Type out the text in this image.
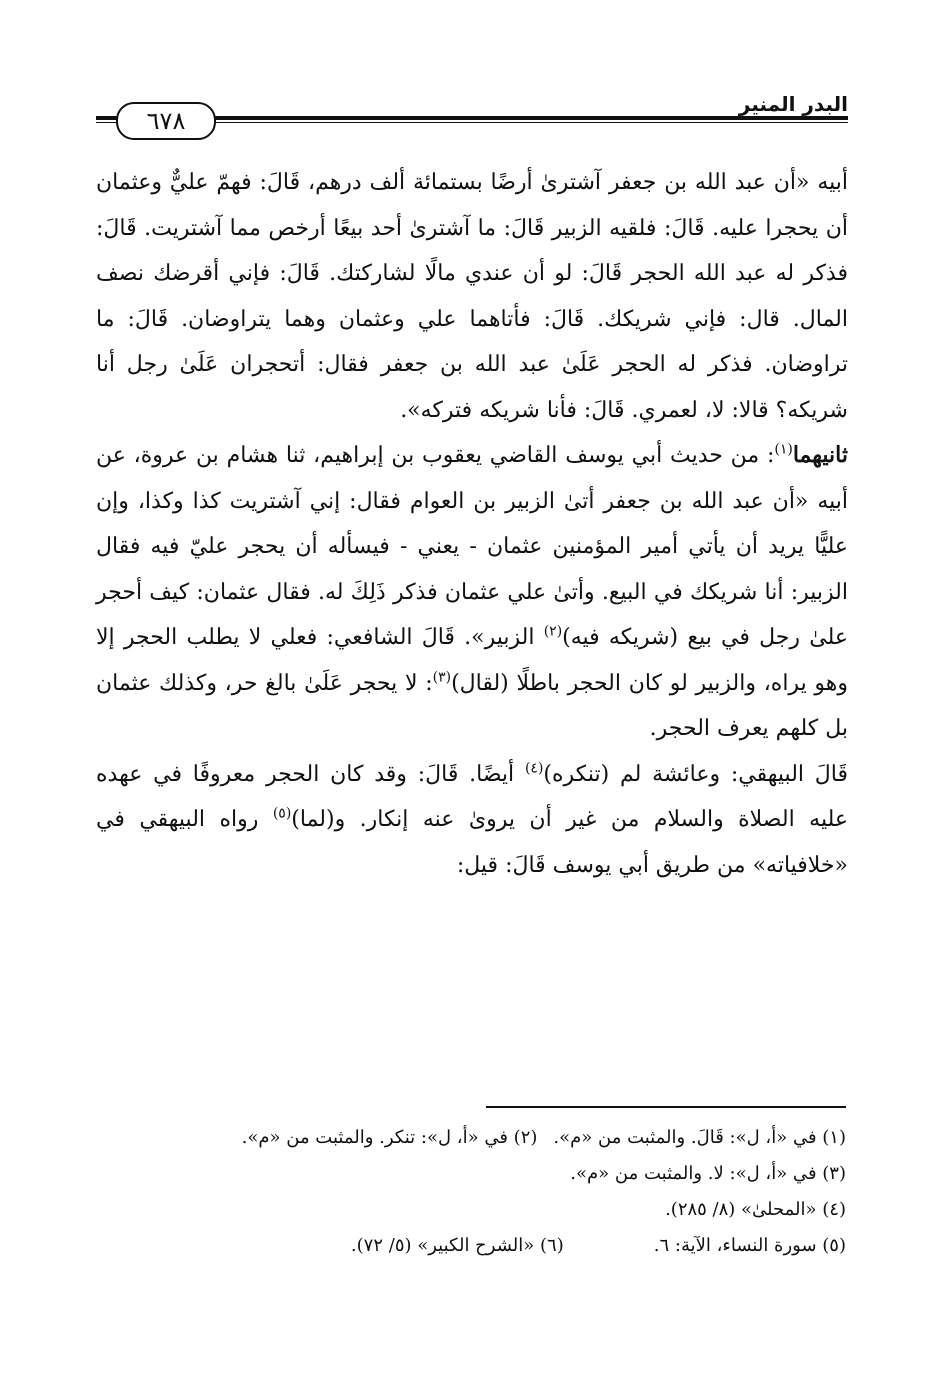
البدر المنير
٦٧٨

أبيه «أن عبد الله بن جعفر آشترىٰ أرضًا بستمائة ألف درهم، قَالَ: فهمّ عليٌّ وعثمان أن يحجرا عليه. قَالَ: فلقيه الزبير قَالَ: ما آشترىٰ أحد بيعًا أرخص مما آشتريت. قَالَ: فذكر له عبد الله الحجر قَالَ: لو أن عندي مالًا لشاركتك. قَالَ: فإني أقرضك نصف المال. قال: فإني شريكك. قَالَ: فأتاهما علي وعثمان وهما يتراوضان. قَالَ: ما تراوضان. فذكر له الحجر عَلَىٰ عبد الله بن جعفر فقال: أتحجران عَلَىٰ رجل أنا شريكه؟ قالا: لا، لعمري. قَالَ: فأنا شريكه فتركه».

ثانيهما$^{(١)}$: من حديث أبي يوسف القاضي يعقوب بن إبراهيم، ثنا هشام بن عروة، عن أبيه «أن عبد الله بن جعفر أتىٰ الزبير بن العوام فقال: إني آشتريت كذا وكذا، وإن عليًّا يريد أن يأتي أمير المؤمنين عثمان - يعني - فيسأله أن يحجر عليّ فيه فقال الزبير: أنا شريكك في البيع. وأتىٰ علي عثمان فذكر ذَلِكَ له. فقال عثمان: كيف أحجر علىٰ رجل في بيع (شريكه فيه)$^{(٢)}$ الزبير». قَالَ الشافعي: فعلي لا يطلب الحجر إلا وهو يراه، والزبير لو كان الحجر باطلًا (لقال)$^{(٣)}$: لا يحجر عَلَىٰ بالغ حر، وكذلك عثمان بل كلهم يعرف الحجر.

قَالَ البيهقي: وعائشة لم (تنكره)$^{(٤)}$ أيضًا. قَالَ: وقد كان الحجر معروفًا في عهده عليه الصلاة والسلام من غير أن يروىٰ عنه إنكار. و(لما)$^{(٥)}$ رواه البيهقي في «خلافياته» من طريق أبي يوسف قَالَ: قيل:

(١) في «أ، ل»: قَالَ. والمثبت من «م».
(٢) في «أ، ل»: تنكر. والمثبت من «م».
(٣) في «أ، ل»: لا. والمثبت من «م».
(٤) «المحلىٰ» (٨/ ٢٨٥).
(٥) سورة النساء، الآية: ٦.
(٦) «الشرح الكبير» (٥/ ٧٢).
